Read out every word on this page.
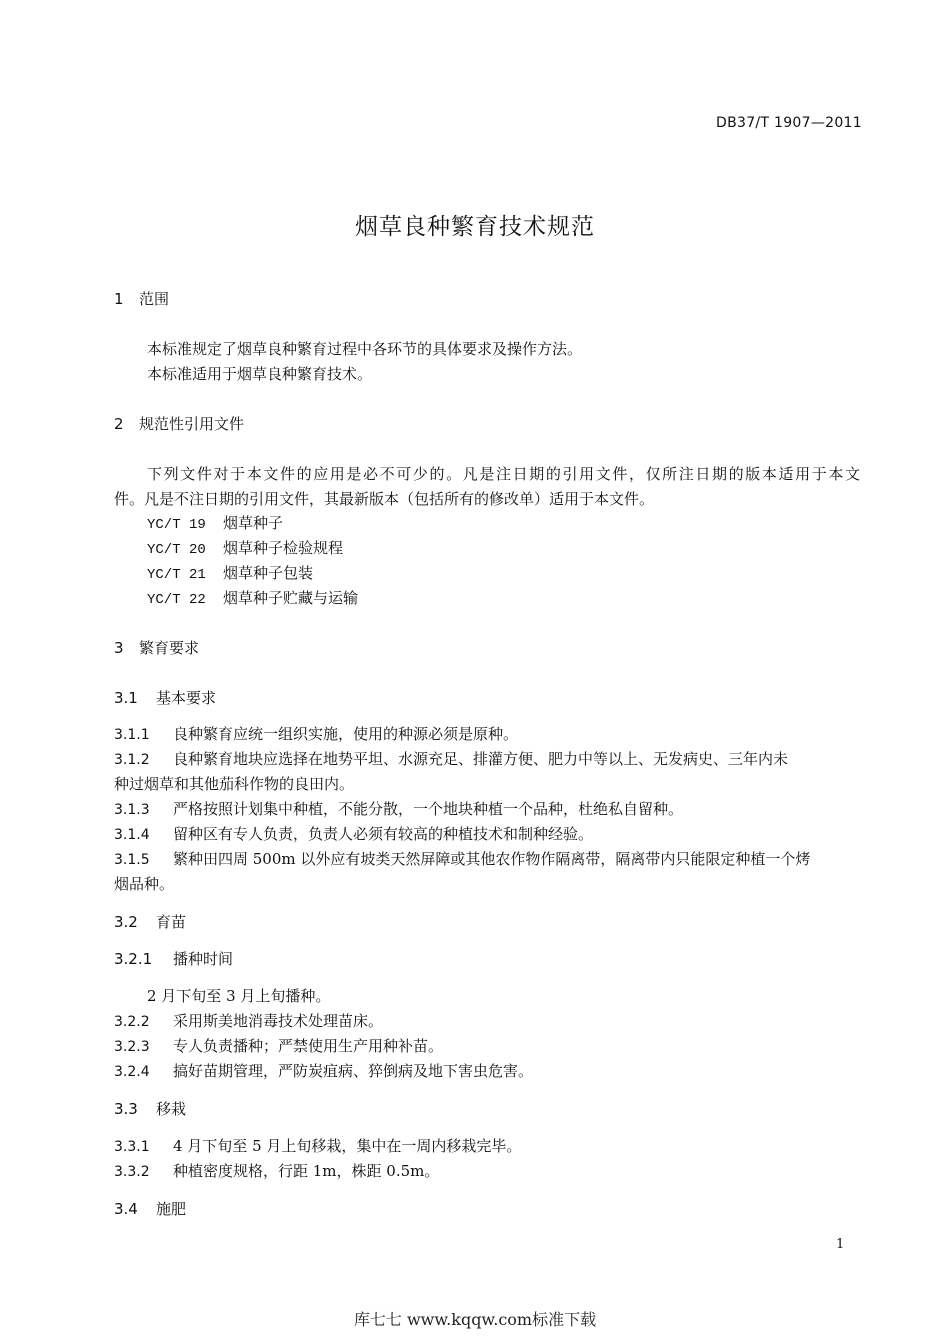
DB37/T 1907—2011
烟草良种繁育技术规范
1 范围
本标准规定了烟草良种繁育过程中各环节的具体要求及操作方法。
本标准适用于烟草良种繁育技术。
2 规范性引用文件
下列文件对于本文件的应用是必不可少的。凡是注日期的引用文件，仅所注日期的版本适用于本文
件。凡是不注日期的引用文件，其最新版本（包括所有的修改单）适用于本文件。
YC/T 19 烟草种子
YC/T 20 烟草种子检验规程
YC/T 21 烟草种子包装
YC/T 22 烟草种子贮藏与运输
3 繁育要求
3.1 基本要求
3.1.1 良种繁育应统一组织实施，使用的种源必须是原种。
3.1.2 良种繁育地块应选择在地势平坦、水源充足、排灌方便、肥力中等以上、无发病史、三年内未
种过烟草和其他茄科作物的良田内。
3.1.3 严格按照计划集中种植，不能分散，一个地块种植一个品种，杜绝私自留种。
3.1.4 留种区有专人负责，负责人必须有较高的种植技术和制种经验。
3.1.5 繁种田四周 500m 以外应有坡类天然屏障或其他农作物作隔离带，隔离带内只能限定种植一个烤
烟品种。
3.2 育苗
3.2.1 播种时间
2 月下旬至 3 月上旬播种。
3.2.2 采用斯美地消毒技术处理苗床。
3.2.3 专人负责播种；严禁使用生产用种补苗。
3.2.4 搞好苗期管理，严防炭疽病、猝倒病及地下害虫危害。
3.3 移栽
3.3.1 4 月下旬至 5 月上旬移栽，集中在一周内移栽完毕。
3.3.2 种植密度规格，行距 1m，株距 0.5m。
3.4 施肥
1
库七七 www.kqqw.com标准下载
